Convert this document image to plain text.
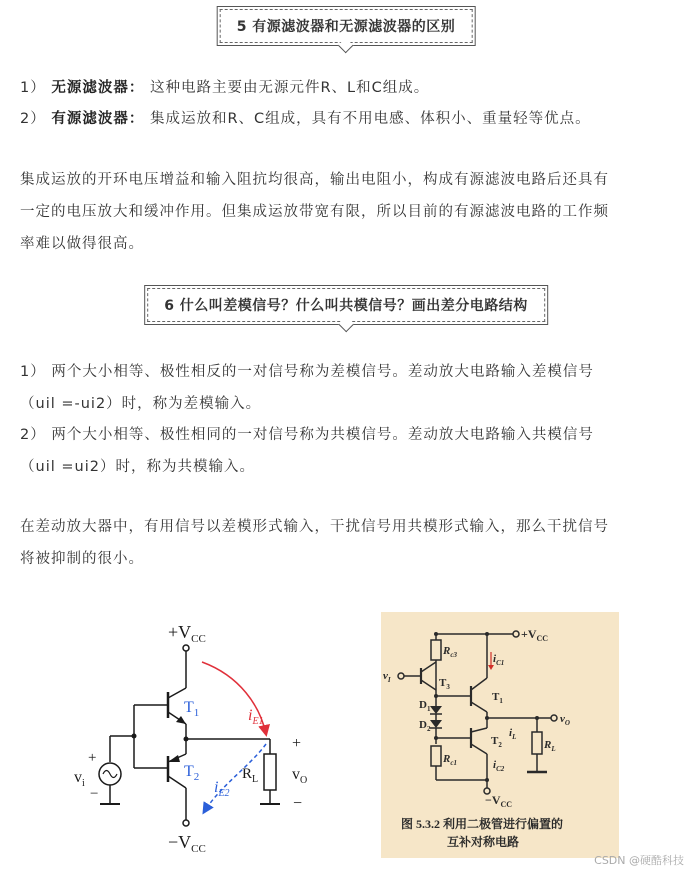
5 有源滤波器和无源滤波器的区别
1） 无源滤波器： 这种电路主要由无源元件R、L和C组成。
2） 有源滤波器： 集成运放和R、C组成，具有不用电感、体积小、重量轻等优点。
集成运放的开环电压增益和输入阻抗均很高，输出电阻小，构成有源滤波电路后还具有
一定的电压放大和缓冲作用。但集成运放带宽有限，所以目前的有源滤波电路的工作频
率难以做得很高。
6 什么叫差模信号？什么叫共模信号？画出差分电路结构
1） 两个大小相等、极性相反的一对信号称为差模信号。差动放大电路输入差模信号
（uil =-ui2）时，称为差模输入。
2） 两个大小相等、极性相同的一对信号称为共模信号。差动放大电路输入共模信号
（uil =ui2）时，称为共模输入。
在差动放大器中，有用信号以差模形式输入，干扰信号用共模形式输入，那么干扰信号
将被抑制的很小。
$+V_{CC}$
$T_1$
$T_2$
$-V_{CC}$
$R_L$
+
$v_O$
−
+
$v_i$
−
$i_{E1}$
$i_{E2}$
$+V_{CC}$
$R_{c3}$	$i_{C1}$
$v_I$	$T_3$
$T_1$
$D_1$
$D_2$
$v_O$
$T_2$
$i_{C2}$
$R_{c1}$
$-V_{CC}$
$i_L$
$R_L$
图 5.3.2 利用二极管进行偏置的
互补对称电路
CSDN @硬酷科技
